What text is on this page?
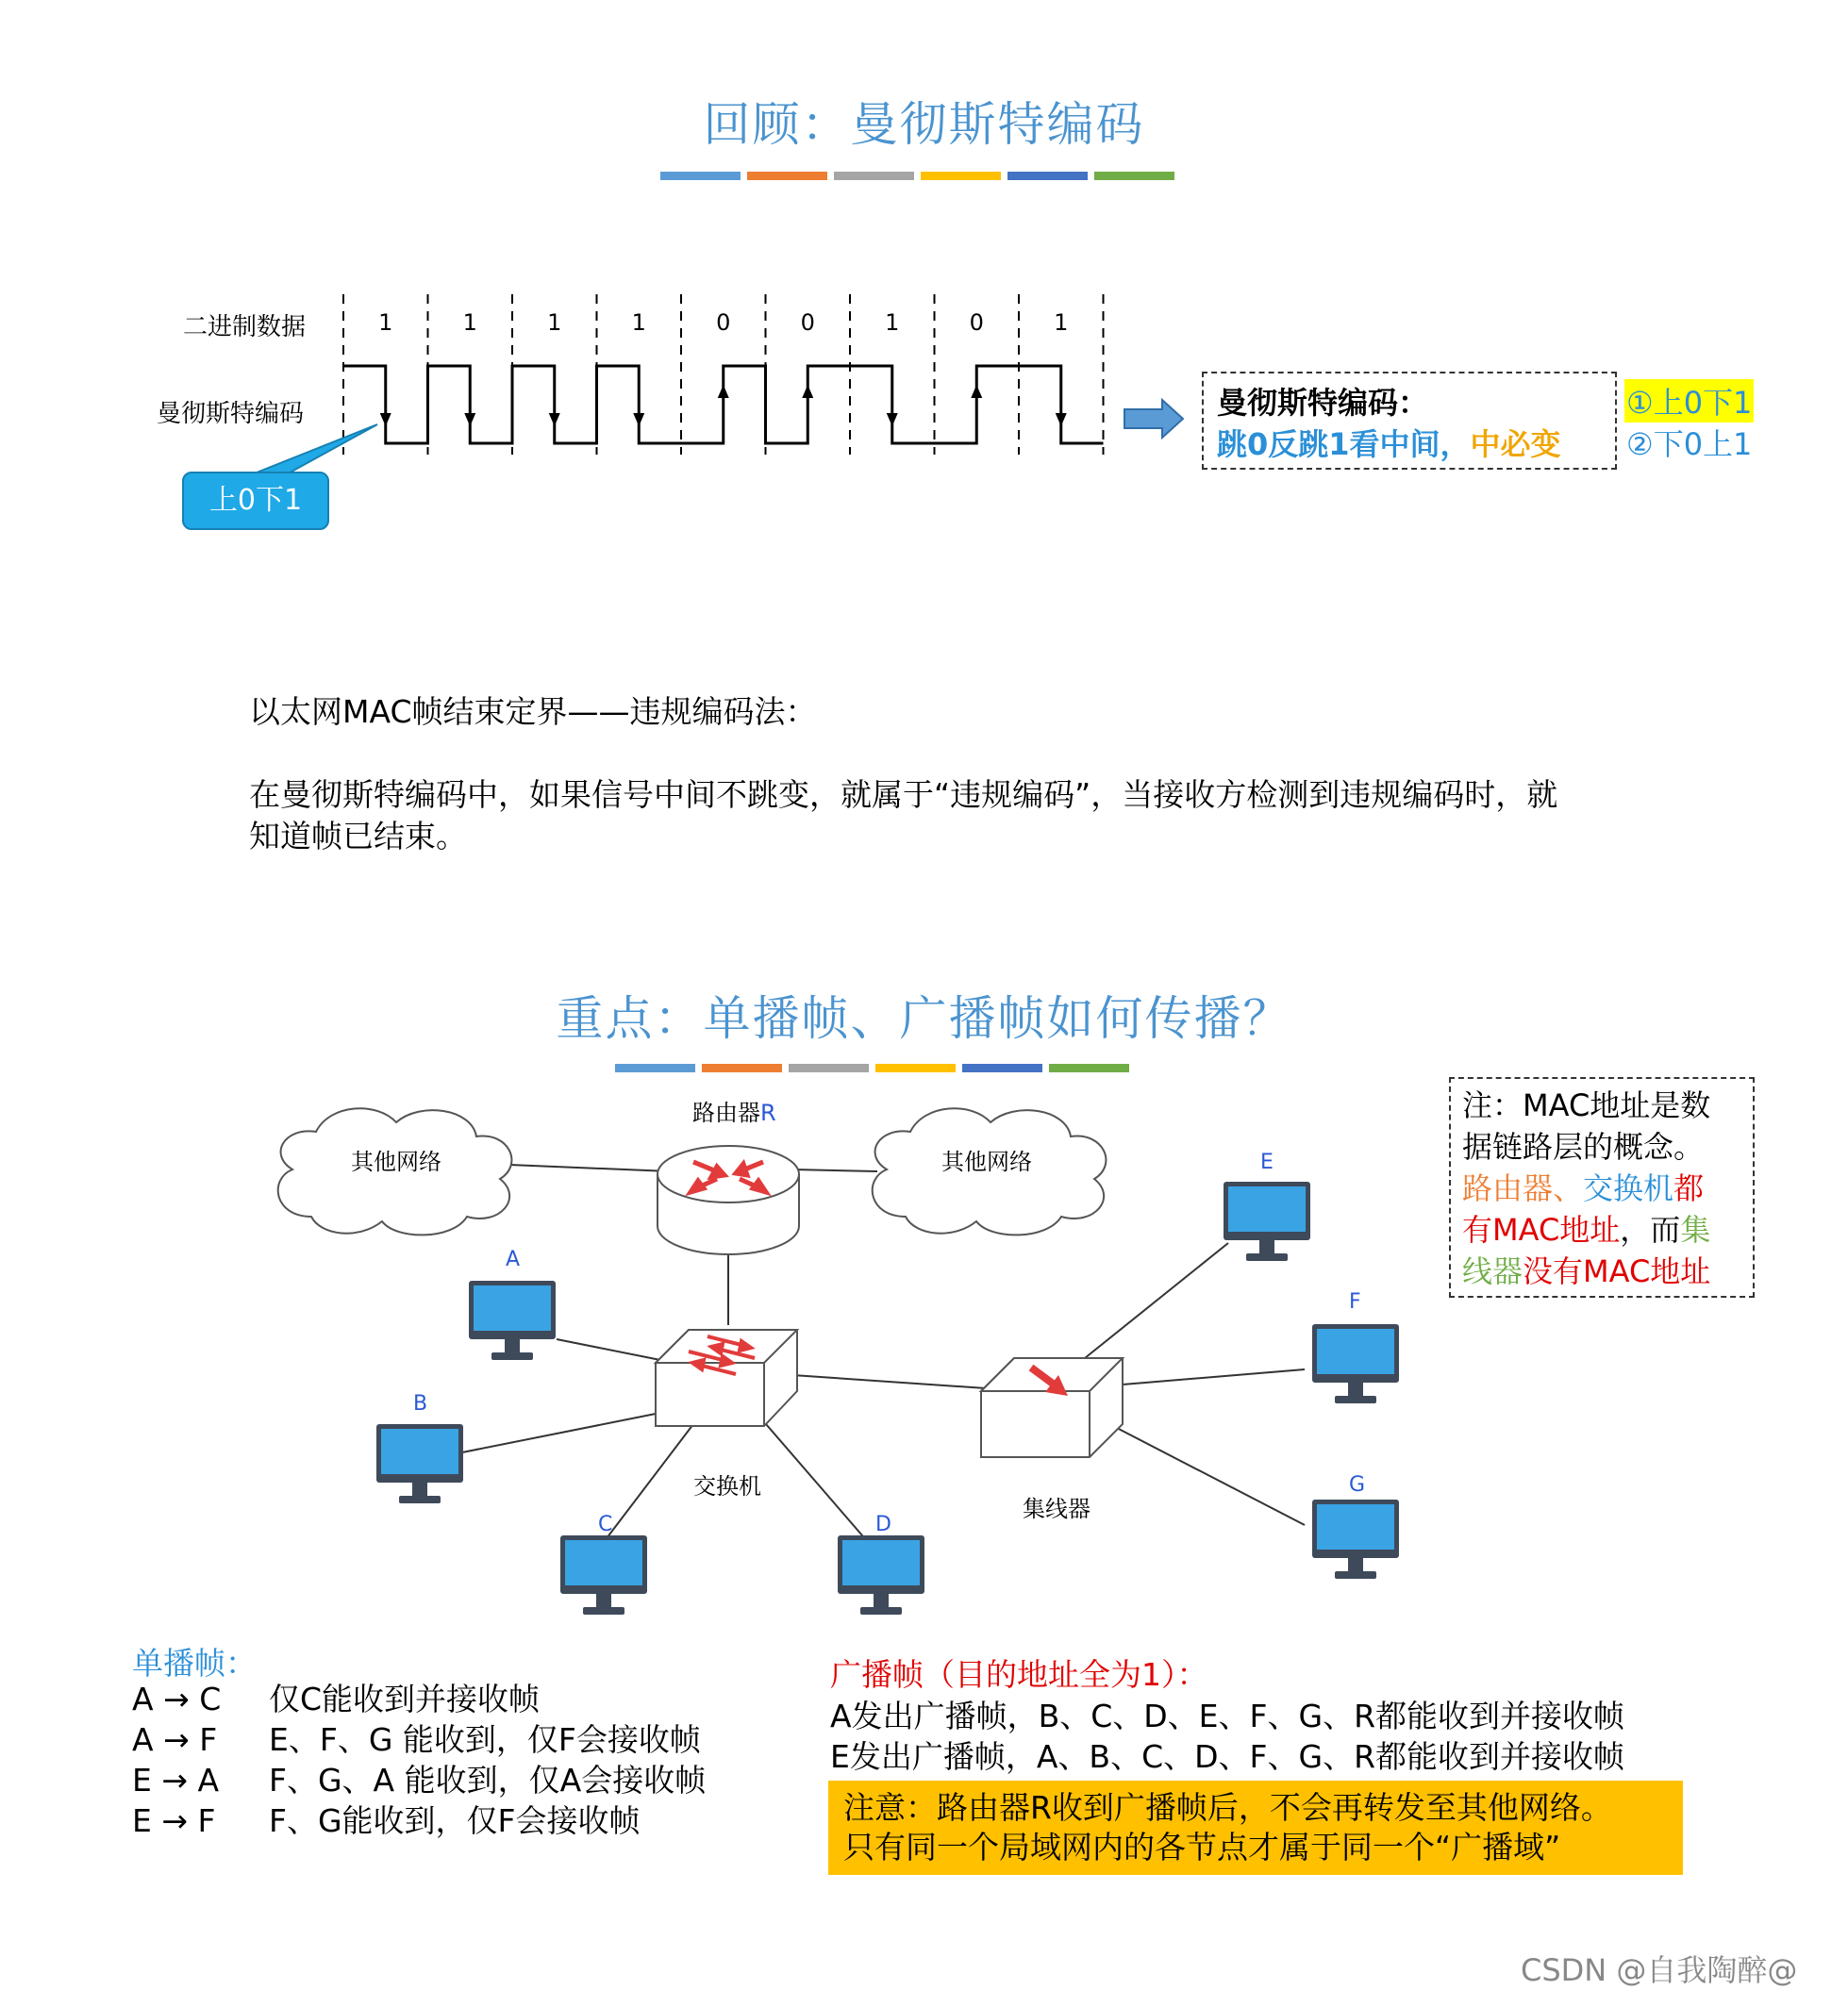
回顾：曼彻斯特编码
二进制数据
曼彻斯特编码
1	1	1	1	0	0	1	0	1
上0下1
曼彻斯特编码：
跳0反跳1看中间，中必变
①上0下1
②下0上1
以太网MAC帧结束定界——违规编码法：
在曼彻斯特编码中，如果信号中间不跳变，就属于“违规编码”，当接收方检测到违规编码时，就知道帧已结束。
重点：单播帧、广播帧如何传播？
其他网络	其他网络
路由器R
交换机
集线器
A
B
C	D
E
F
G
注：MAC地址是数
据链路层的概念。
路由器、交换机都
有MAC地址，而集
线器没有MAC地址
单播帧：
A → C 仅C能收到并接收帧
A → F E、F、G 能收到，仅F会接收帧
E → A F、G、A 能收到，仅A会接收帧
E → F F、G能收到，仅F会接收帧
广播帧（目的地址全为1）：
A发出广播帧，B、C、D、E、F、G、R都能收到并接收帧
E发出广播帧，A、B、C、D、F、G、R都能收到并接收帧
注意：路由器R收到广播帧后，不会再转发至其他网络。
只有同一个局域网内的各节点才属于同一个“广播域”
CSDN @自我陶醉@
